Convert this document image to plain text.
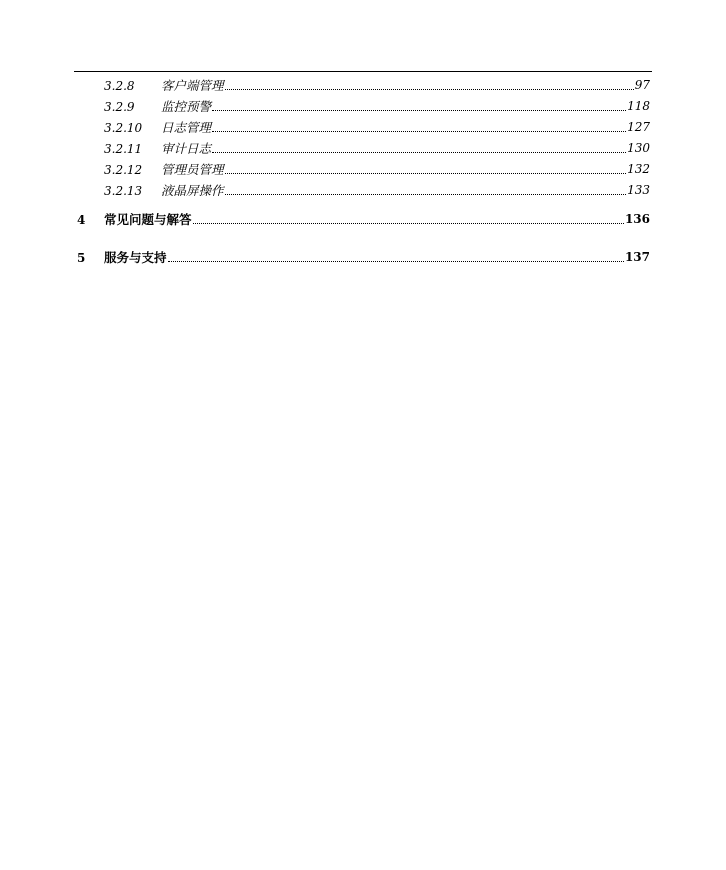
3.2.8 客户端管理	97
3.2.9 监控预警	118
3.2.10 日志管理	127
3.2.11 审计日志	130
3.2.12 管理员管理	132
3.2.13 液晶屏操作	133
4 常见问题与解答	136
5 服务与支持	137
